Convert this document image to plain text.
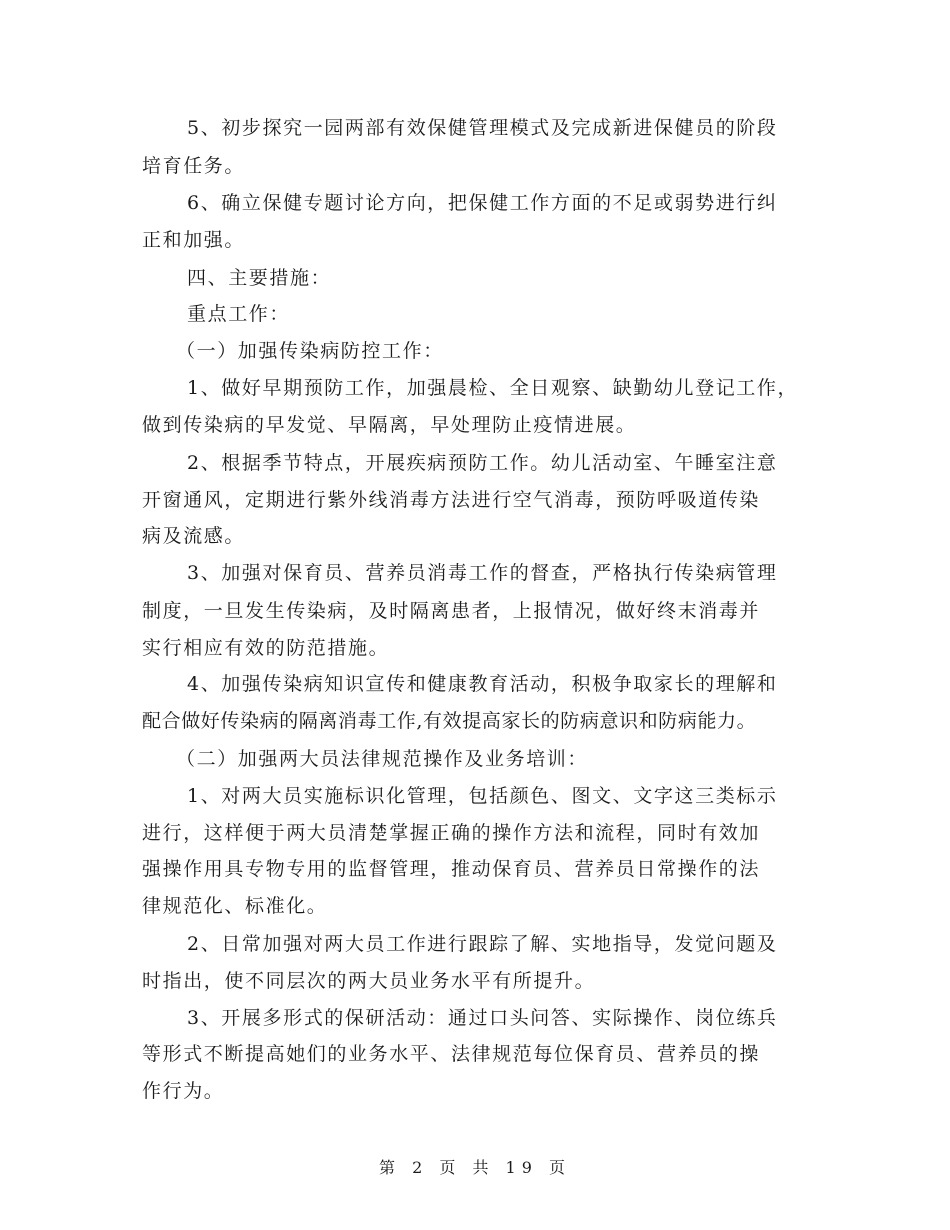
5、初步探究一园两部有效保健管理模式及完成新进保健员的阶段
培育任务。
6、确立保健专题讨论方向，把保健工作方面的不足或弱势进行纠
正和加强。
四、主要措施：
重点工作：
（一）加强传染病防控工作：
1、做好早期预防工作，加强晨检、全日观察、缺勤幼儿登记工作，
做到传染病的早发觉、早隔离，早处理防止疫情进展。
2、根据季节特点，开展疾病预防工作。幼儿活动室、午睡室注意
开窗通风，定期进行紫外线消毒方法进行空气消毒，预防呼吸道传染
病及流感。
3、加强对保育员、营养员消毒工作的督查，严格执行传染病管理
制度，一旦发生传染病，及时隔离患者，上报情况，做好终末消毒并
实行相应有效的防范措施。
4、加强传染病知识宣传和健康教育活动，积极争取家长的理解和
配合做好传染病的隔离消毒工作,有效提高家长的防病意识和防病能力。
（二）加强两大员法律规范操作及业务培训：
1、对两大员实施标识化管理，包括颜色、图文、文字这三类标示
进行，这样便于两大员清楚掌握正确的操作方法和流程，同时有效加
强操作用具专物专用的监督管理，推动保育员、营养员日常操作的法
律规范化、标准化。
2、日常加强对两大员工作进行跟踪了解、实地指导，发觉问题及
时指出，使不同层次的两大员业务水平有所提升。
3、开展多形式的保研活动：通过口头问答、实际操作、岗位练兵
等形式不断提高她们的业务水平、法律规范每位保育员、营养员的操
作行为。
第 2 页 共 19 页
